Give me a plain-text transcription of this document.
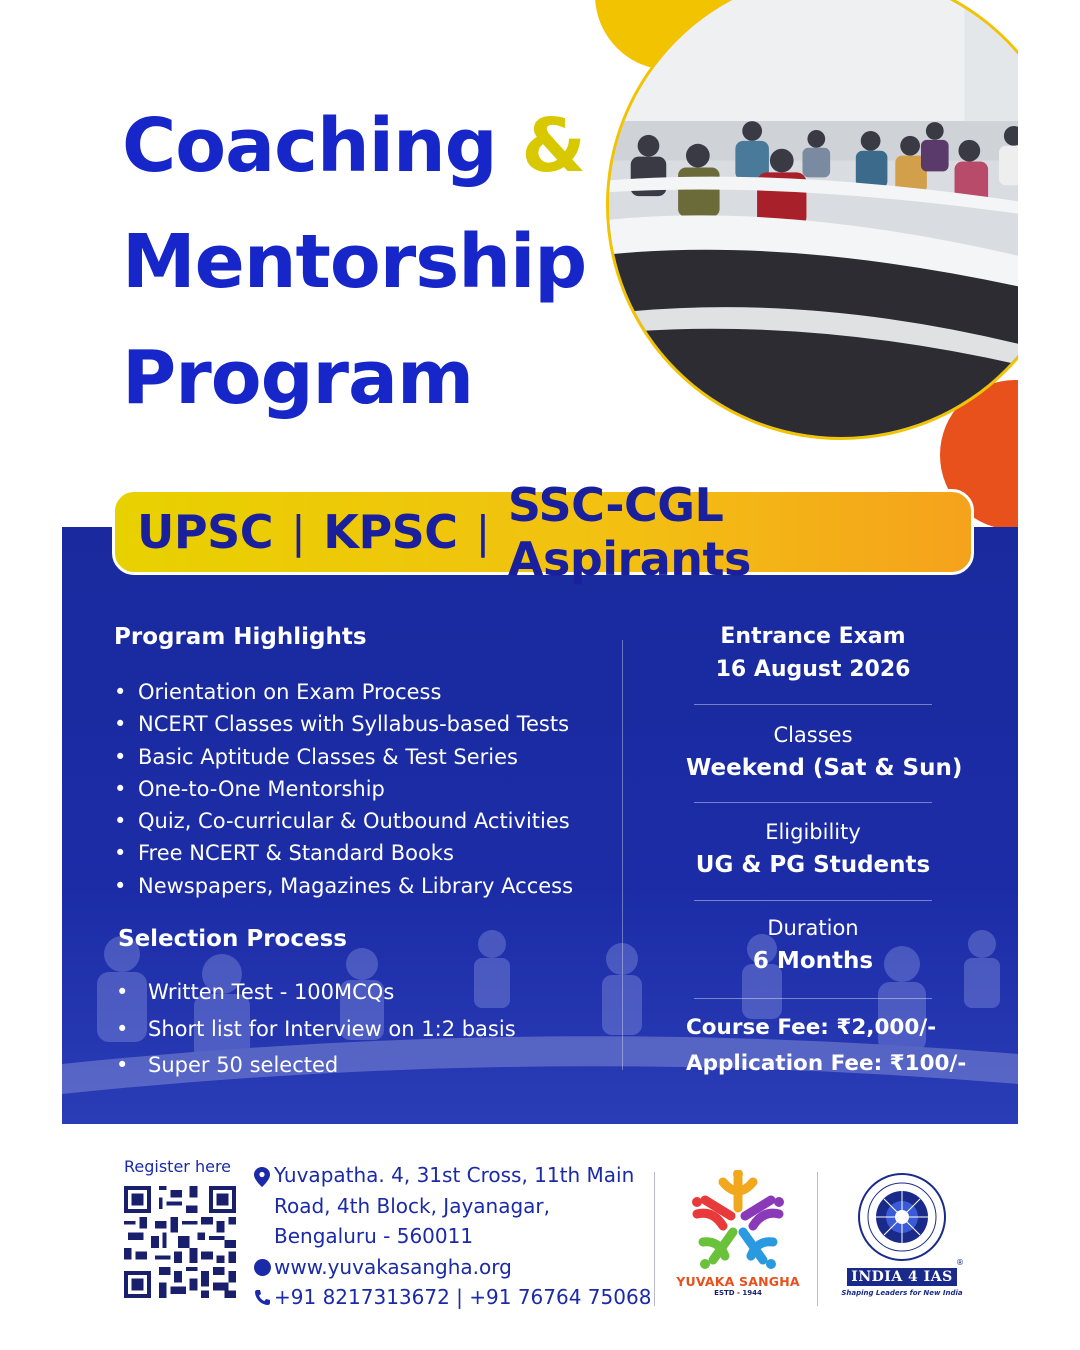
Coaching &
Mentorship
Program
UPSC | KPSC | SSC-CGL Aspirants
Program Highlights
• Orientation on Exam Process
• NCERT Classes with Syllabus-based Tests
• Basic Aptitude Classes & Test Series
• One-to-One Mentorship
• Quiz, Co-curricular & Outbound Activities
• Free NCERT & Standard Books
• Newspapers, Magazines & Library Access
Selection Process
• Written Test - 100MCQs
• Short list for Interview on 1:2 basis
• Super 50 selected
Entrance Exam
16 August 2026
Classes
Weekend (Sat & Sun)
Eligibility
UG & PG Students
Duration
6 Months
Course Fee: ₹2,000/-
Application Fee: ₹100/-
Register here Yuvapatha. 4, 31st Cross, 11th Main
Road, 4th Block, Jayanagar,
Bengaluru - 560011
www.yuvakasangha.org
+91 8217313672 | +91 76764 75068
YUVAKA SANGHA
ESTD - 1944
INDIA 4 IAS
Shaping Leaders for New India
®
